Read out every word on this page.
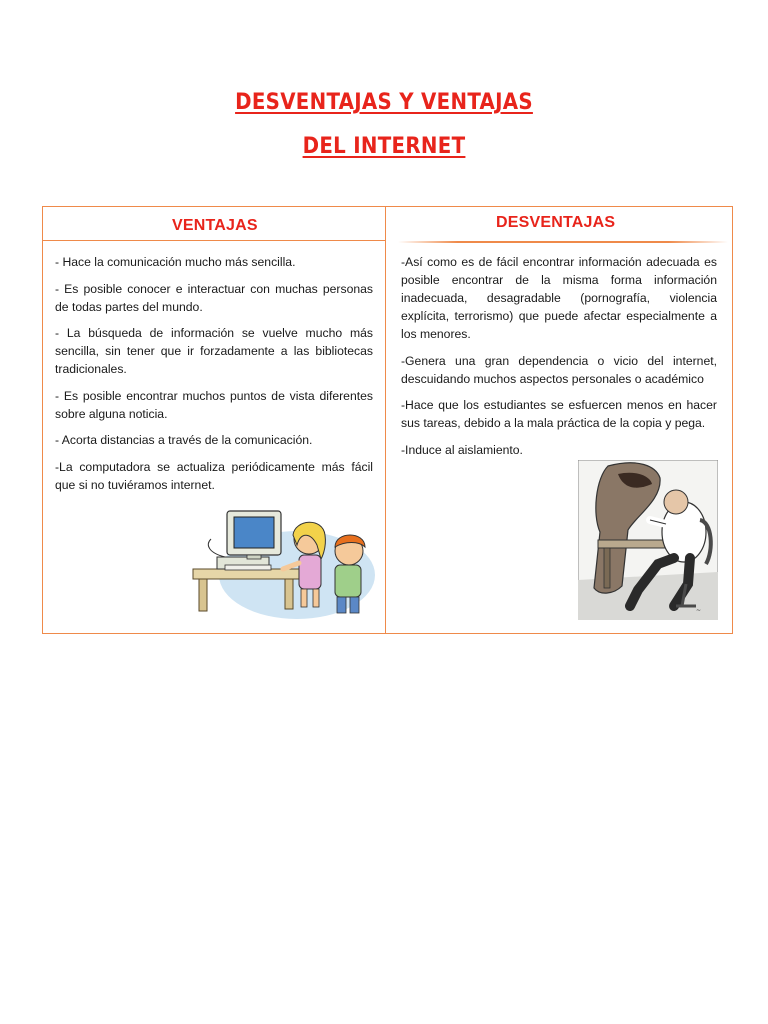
DESVENTAJAS Y VENTAJAS
DEL INTERNET
VENTAJAS	DESVENTAJAS

- Hace la comunicación mucho más sencilla.

- Es posible conocer e interactuar con muchas personas de todas partes del mundo.

- La búsqueda de información se vuelve mucho más sencilla, sin tener que ir forzadamente a las bibliotecas tradicionales.

- Es posible encontrar muchos puntos de vista diferentes sobre alguna noticia.

- Acorta distancias a través de la comunicación.

-La computadora se actualiza periódicamente más fácil que si no tuviéramos internet.

-Así como es de fácil encontrar información adecuada es posible encontrar de la misma forma información inadecuada, desagradable (pornografía, violencia explícita, terrorismo) que puede afectar especialmente a los menores.

-Genera una gran dependencia o vicio del internet, descuidando muchos aspectos personales o académico

-Hace que los estudiantes se esfuercen menos en hacer sus tareas, debido a la mala práctica de la copia y pega.

-Induce al aislamiento.

~
